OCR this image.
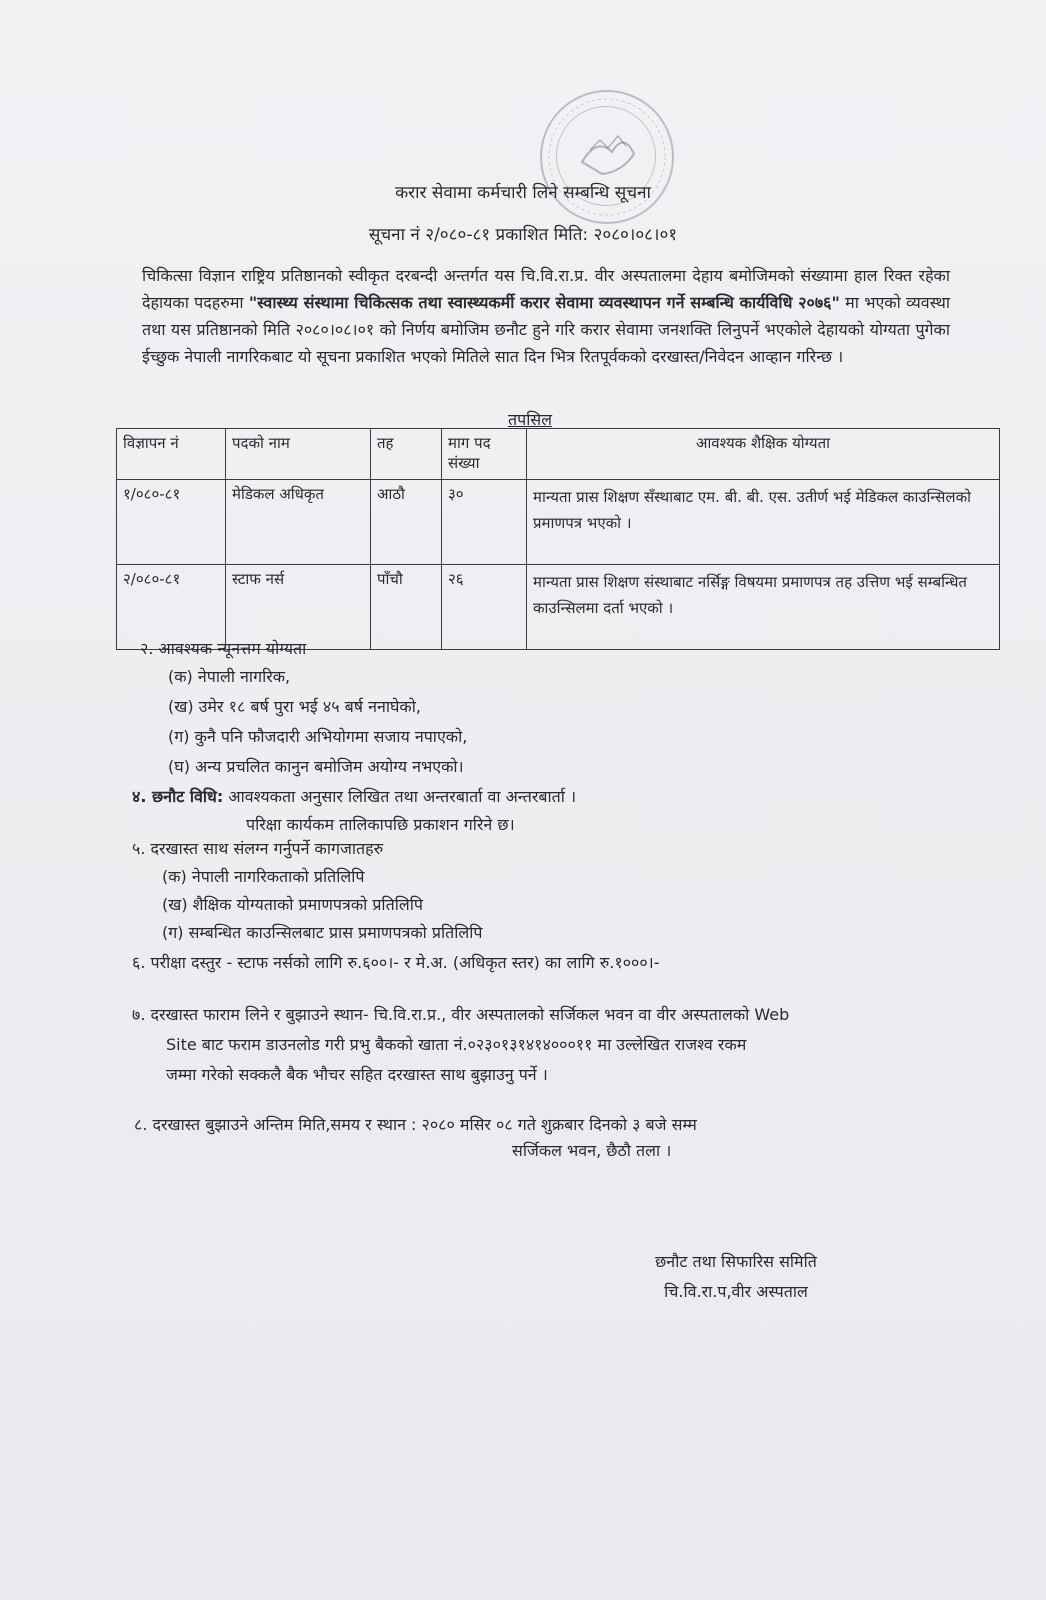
करार सेवामा कर्मचारी लिने सम्बन्धि सूचना
सूचना नं २/०८०-८१ प्रकाशित मिति: २०८०।०८।०१
चिकित्सा विज्ञान राष्ट्रिय प्रतिष्ठानको स्वीकृत दरबन्दी अन्तर्गत यस चि.वि.रा.प्र. वीर अस्पतालमा देहाय बमोजिमको संख्यामा हाल रिक्त रहेका देहायका पदहरुमा "स्वास्थ्य संस्थामा चिकित्सक तथा स्वास्थ्यकर्मी करार सेवामा व्यवस्थापन गर्ने सम्बन्धि कार्यविधि २०७६" मा भएको व्यवस्था तथा यस प्रतिष्ठानको मिति २०८०।०८।०१ को निर्णय बमोजिम छनौट हुने गरि करार सेवामा जनशक्ति लिनुपर्ने भएकोले देहायको योग्यता पुगेका ईच्छुक नेपाली नागरिकबाट यो सूचना प्रकाशित भएको मितिले सात दिन भित्र रितपूर्वकको दरखास्त/निवेदन आव्हान गरिन्छ ।
तपसिल
विज्ञापन नं	पदको नाम	तह	माग पद संख्या	आवश्यक शैक्षिक योग्यता
१/०८०-८१	मेडिकल अधिकृत	आठौ	३०	मान्यता प्रास शिक्षण सँस्थाबाट एम. बी. बी. एस. उतीर्ण भई मेडिकल काउन्सिलको प्रमाणपत्र भएको ।
२/०८०-८१	स्टाफ नर्स	पाँचौ	२६	मान्यता प्रास शिक्षण संस्थाबाट नर्सिङ्ग विषयमा प्रमाणपत्र तह उत्तिण भई सम्बन्धित काउन्सिलमा दर्ता भएको ।
२. आवश्यक न्यूनत्तम योग्यता
(क) नेपाली नागरिक,
(ख) उमेर १८ बर्ष पुरा भई ४५ बर्ष ननाघेको,
(ग) कुनै पनि फौजदारी अभियोगमा सजाय नपाएको,
(घ) अन्य प्रचलित कानुन बमोजिम अयोग्य नभएको।
४. छनौट विधि: आवश्यकता अनुसार लिखित तथा अन्तरबार्ता वा अन्तरबार्ता ।
परिक्षा कार्यकम तालिकापछि प्रकाशन गरिने छ।
५. दरखास्त साथ संलग्न गर्नुपर्ने कागजातहरु
(क) नेपाली नागरिकताको प्रतिलिपि
(ख) शैक्षिक योग्यताको प्रमाणपत्रको प्रतिलिपि
(ग) सम्बन्धित काउन्सिलबाट प्रास प्रमाणपत्रको प्रतिलिपि
६. परीक्षा दस्तुर - स्टाफ नर्सको लागि रु.६००।- र मे.अ. (अधिकृत स्तर) का लागि रु.१०००।-
७. दरखास्त फाराम लिने र बुझाउने स्थान- चि.वि.रा.प्र., वीर अस्पतालको सर्जिकल भवन वा वीर अस्पतालको Web
Site बाट फराम डाउनलोड गरी प्रभु बैकको खाता नं.०२३०१३१४१४०००११ मा उल्लेखित राजश्व रकम
जम्मा गरेको सक्कलै बैक भौचर सहित दरखास्त साथ बुझाउनु पर्ने ।
८. दरखास्त बुझाउने अन्तिम मिति,समय र स्थान : २०८० मसिर ०८ गते शुक्रबार दिनको ३ बजे सम्म
सर्जिकल भवन, छैठौ तला ।
छनौट तथा सिफारिस समिति
चि.वि.रा.प,वीर अस्पताल
